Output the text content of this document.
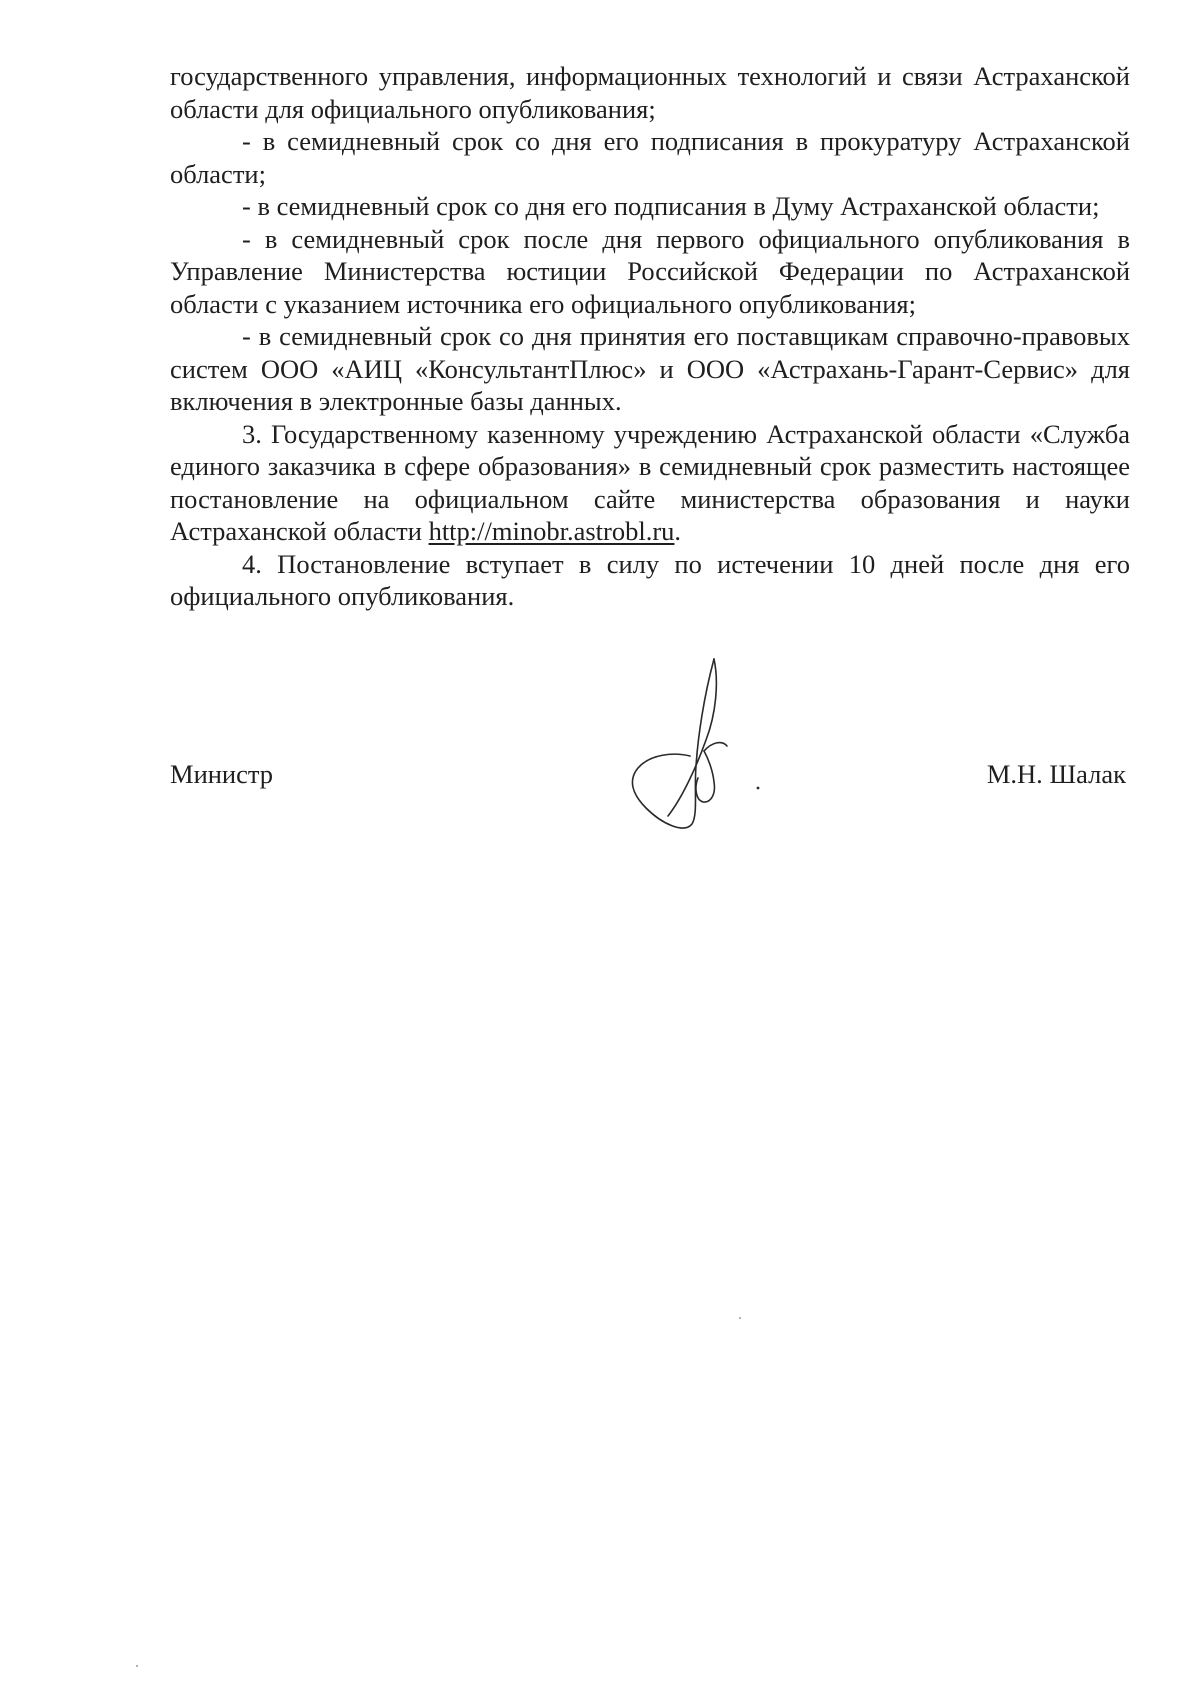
государственного управления, информационных технологий и связи Астраханской области для официального опубликования;

- в семидневный срок со дня его подписания в прокуратуру Астраханской области;

- в семидневный срок со дня его подписания в Думу Астраханской области;

- в семидневный срок после дня первого официального опубликования в Управление Министерства юстиции Российской Федерации по Астраханской области с указанием источника его официального опубликования;

- в семидневный срок со дня принятия его поставщикам справочно-правовых систем ООО «АИЦ «КонсультантПлюс» и ООО «Астрахань-Гарант-Сервис» для включения в электронные базы данных.

3. Государственному казенному учреждению Астраханской области «Служба единого заказчика в сфере образования» в семидневный срок разместить настоящее постановление на официальном сайте министерства образования и науки Астраханской области http://minobr.astrobl.ru.

4. Постановление вступает в силу по истечении 10 дней после дня его официального опубликования.

Министр	М.Н. Шалак
